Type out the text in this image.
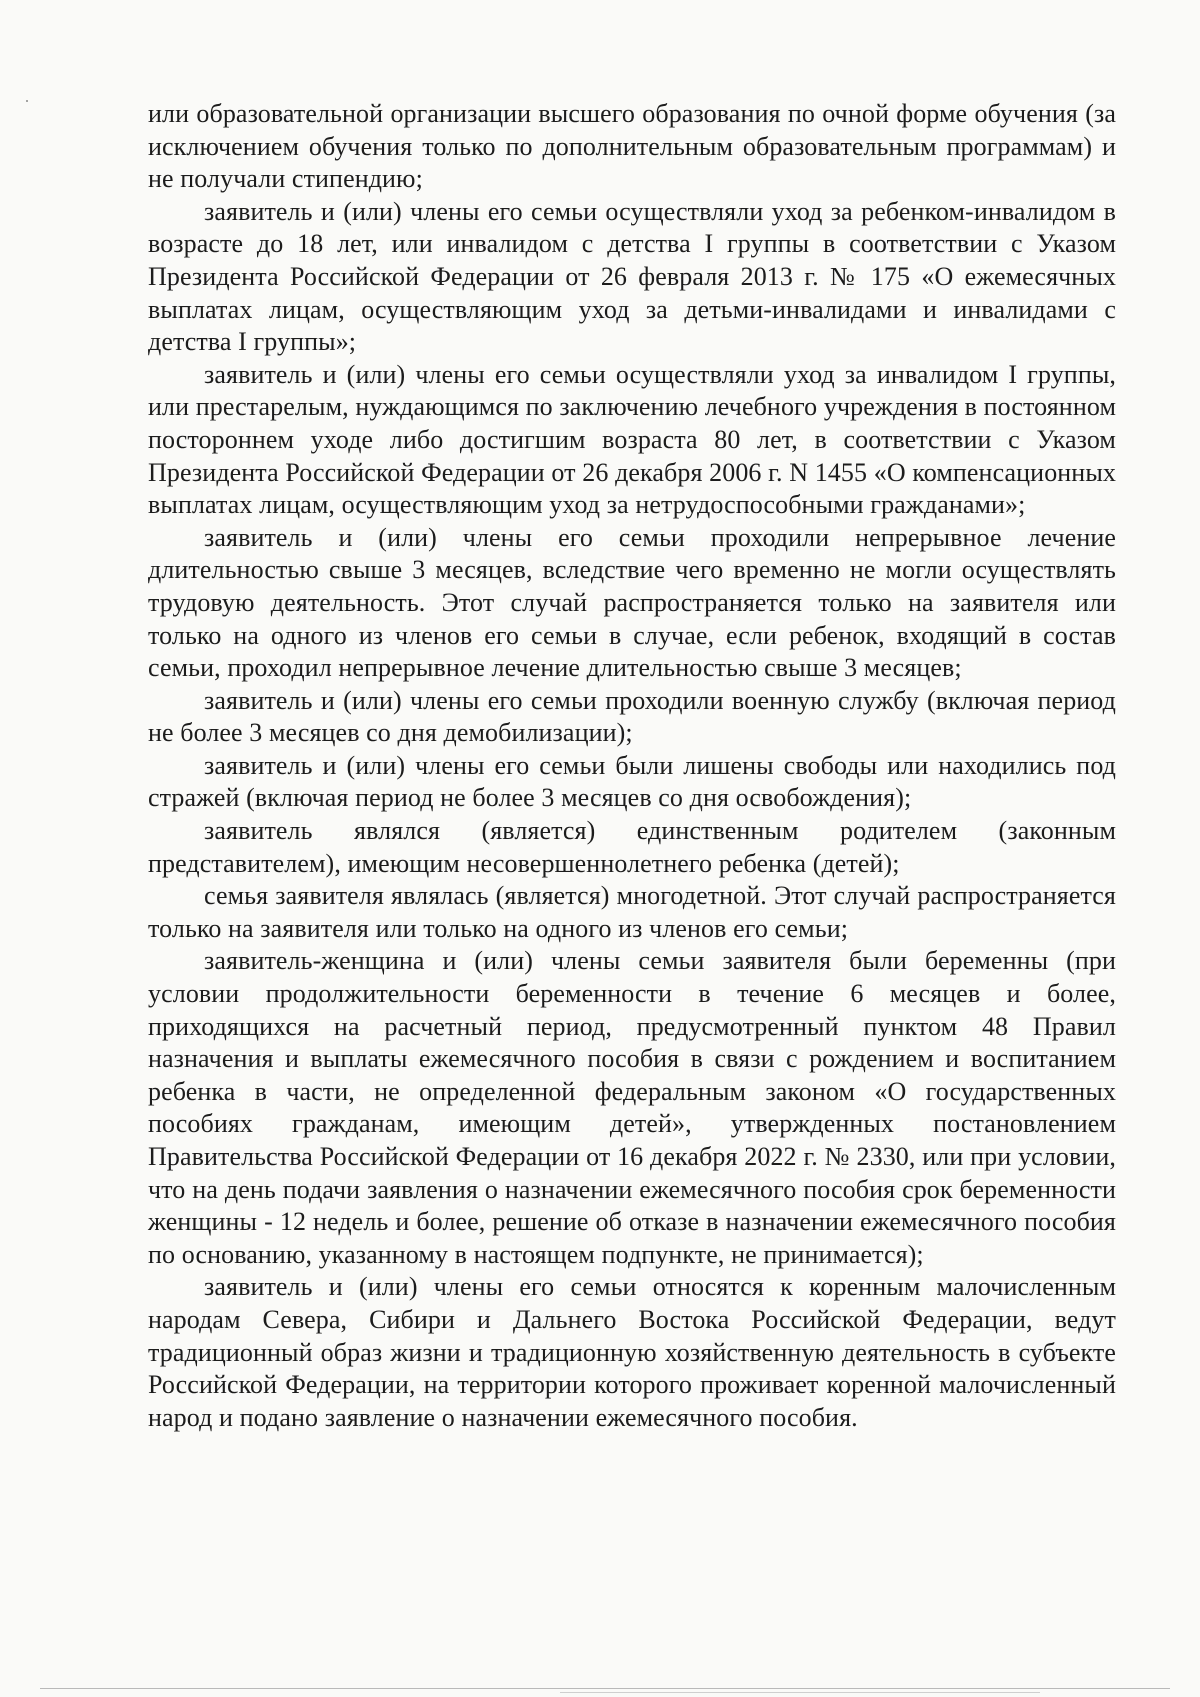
или образовательной организации высшего образования по очной форме обучения (за исключением обучения только по дополнительным образовательным программам) и не получали стипендию;

заявитель и (или) члены его семьи осуществляли уход за ребенком-инвалидом в возрасте до 18 лет, или инвалидом с детства I группы в соответствии с Указом Президента Российской Федерации от 26 февраля 2013 г. № 175 «О ежемесячных выплатах лицам, осуществляющим уход за детьми-инвалидами и инвалидами с детства I группы»;

заявитель и (или) члены его семьи осуществляли уход за инвалидом I группы, или престарелым, нуждающимся по заключению лечебного учреждения в постоянном постороннем уходе либо достигшим возраста 80 лет, в соответствии с Указом Президента Российской Федерации от 26 декабря 2006 г. N 1455 «О компенсационных выплатах лицам, осуществляющим уход за нетрудоспособными гражданами»;

заявитель и (или) члены его семьи проходили непрерывное лечение длительностью свыше 3 месяцев, вследствие чего временно не могли осуществлять трудовую деятельность. Этот случай распространяется только на заявителя или только на одного из членов его семьи в случае, если ребенок, входящий в состав семьи, проходил непрерывное лечение длительностью свыше 3 месяцев;

заявитель и (или) члены его семьи проходили военную службу (включая период не более 3 месяцев со дня демобилизации);

заявитель и (или) члены его семьи были лишены свободы или находились под стражей (включая период не более 3 месяцев со дня освобождения);

заявитель являлся (является) единственным родителем (законным представителем), имеющим несовершеннолетнего ребенка (детей);

семья заявителя являлась (является) многодетной. Этот случай распространяется только на заявителя или только на одного из членов его семьи;

заявитель-женщина и (или) члены семьи заявителя были беременны (при условии продолжительности беременности в течение 6 месяцев и более, приходящихся на расчетный период, предусмотренный пунктом 48 Правил назначения и выплаты ежемесячного пособия в связи с рождением и воспитанием ребенка в части, не определенной федеральным законом «О государственных пособиях гражданам, имеющим детей», утвержденных постановлением Правительства Российской Федерации от 16 декабря 2022 г. № 2330, или при условии, что на день подачи заявления о назначении ежемесячного пособия срок беременности женщины - 12 недель и более, решение об отказе в назначении ежемесячного пособия по основанию, указанному в настоящем подпункте, не принимается);

заявитель и (или) члены его семьи относятся к коренным малочисленным народам Севера, Сибири и Дальнего Востока Российской Федерации, ведут традиционный образ жизни и традиционную хозяйственную деятельность в субъекте Российской Федерации, на территории которого проживает коренной малочисленный народ и подано заявление о назначении ежемесячного пособия.
